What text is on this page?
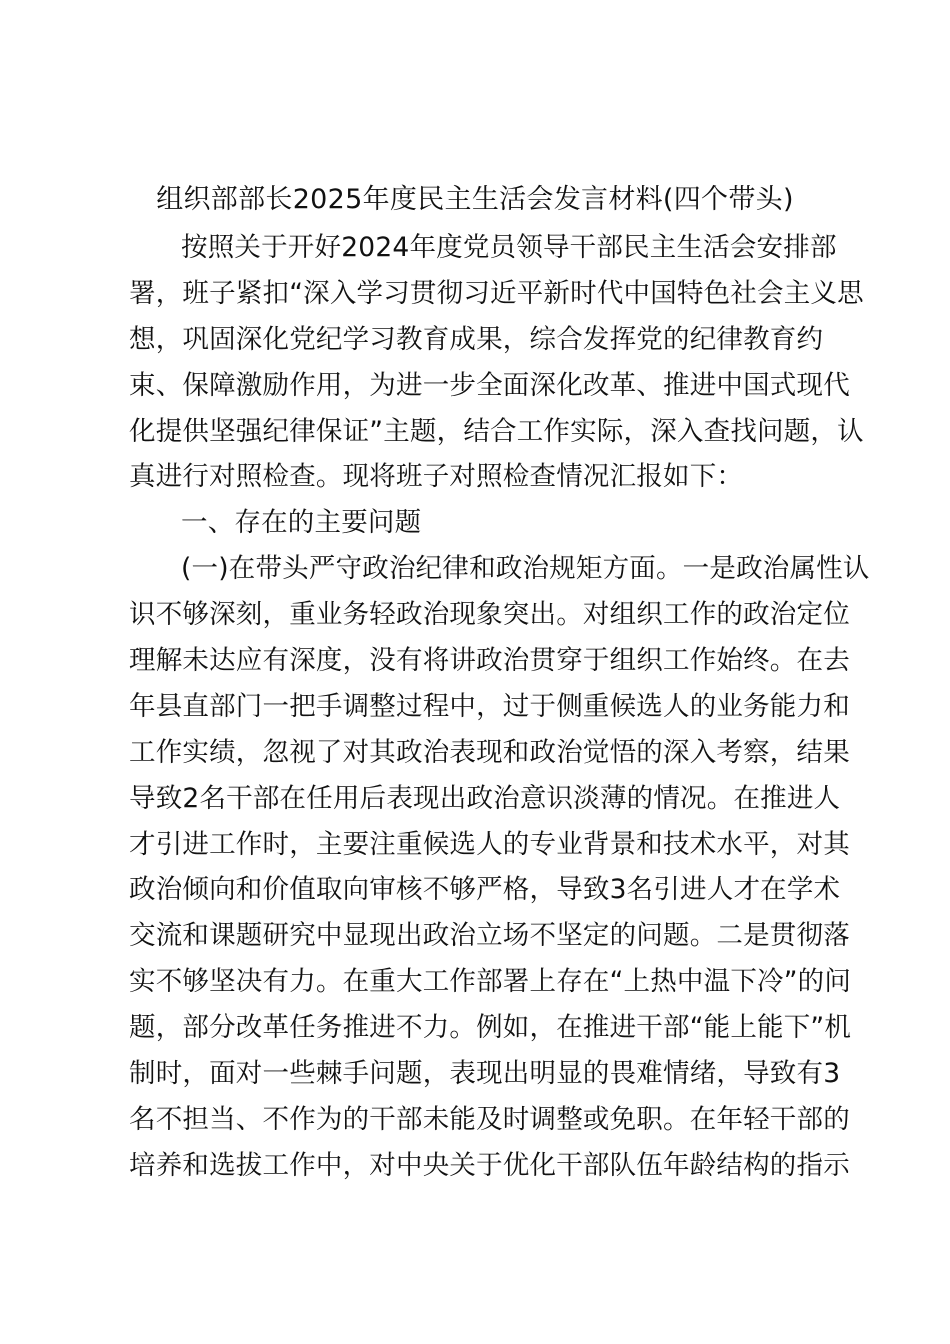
组织部部长2025年度民主生活会发言材料(四个带头)
按照关于开好2024年度党员领导干部民主生活会安排部
署，班子紧扣“深入学习贯彻习近平新时代中国特色社会主义思
想，巩固深化党纪学习教育成果，综合发挥党的纪律教育约
束、保障激励作用，为进一步全面深化改革、推进中国式现代
化提供坚强纪律保证”主题，结合工作实际，深入查找问题，认
真进行对照检查。现将班子对照检查情况汇报如下：
一、存在的主要问题
(一)在带头严守政治纪律和政治规矩方面。一是政治属性认
识不够深刻，重业务轻政治现象突出。对组织工作的政治定位
理解未达应有深度，没有将讲政治贯穿于组织工作始终。在去
年县直部门一把手调整过程中，过于侧重候选人的业务能力和
工作实绩，忽视了对其政治表现和政治觉悟的深入考察，结果
导致2名干部在任用后表现出政治意识淡薄的情况。在推进人
才引进工作时，主要注重候选人的专业背景和技术水平，对其
政治倾向和价值取向审核不够严格，导致3名引进人才在学术
交流和课题研究中显现出政治立场不坚定的问题。二是贯彻落
实不够坚决有力。在重大工作部署上存在“上热中温下冷”的问
题，部分改革任务推进不力。例如，在推进干部“能上能下”机
制时，面对一些棘手问题，表现出明显的畏难情绪，导致有3
名不担当、不作为的干部未能及时调整或免职。在年轻干部的
培养和选拔工作中，对中央关于优化干部队伍年龄结构的指示
